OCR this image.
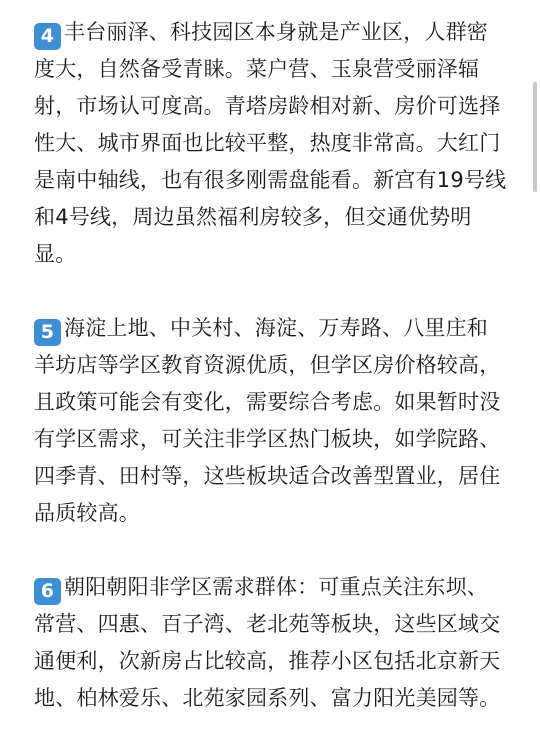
4 丰台丽泽、科技园区本身就是产业区，人群密度大，自然备受青睐。菜户营、玉泉营受丽泽辐射，市场认可度高。青塔房龄相对新、房价可选择性大、城市界面也比较平整，热度非常高。大红门是南中轴线，也有很多刚需盘能看。新宫有19号线和4号线，周边虽然福利房较多，但交通优势明显。

5 海淀上地、中关村、海淀、万寿路、八里庄和羊坊店等学区教育资源优质，但学区房价格较高，且政策可能会有变化，需要综合考虑。如果暂时没有学区需求，可关注非学区热门板块，如学院路、四季青、田村等，这些板块适合改善型置业，居住品质较高。

6 朝阳朝阳非学区需求群体：可重点关注东坝、常营、四惠、百子湾、老北苑等板块，这些区域交通便利，次新房占比较高，推荐小区包括北京新天地、柏林爱乐、北苑家园系列、富力阳光美园等。
